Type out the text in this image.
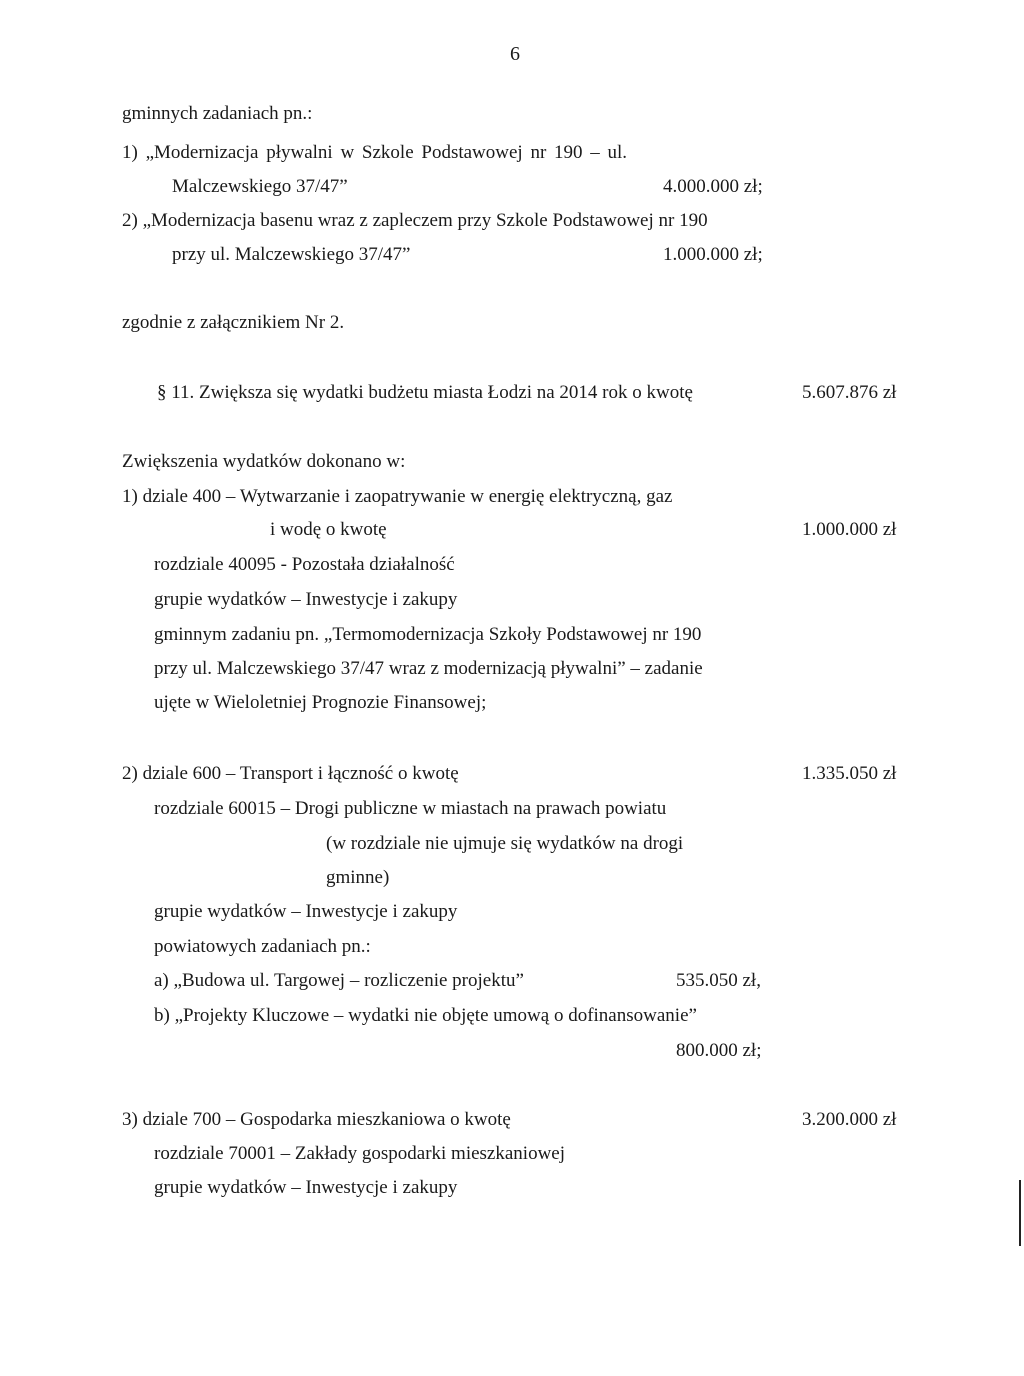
6
gminnych zadaniach pn.:
1) „Modernizacja pływalni w Szkole Podstawowej nr 190 – ul.
Malczewskiego 37/47”	4.000.000 zł;
2) „Modernizacja basenu wraz z zapleczem przy Szkole Podstawowej nr 190
przy ul. Malczewskiego 37/47”	1.000.000 zł;
zgodnie z załącznikiem Nr 2.
§ 11. Zwiększa się wydatki budżetu miasta Łodzi na 2014 rok o kwotę	5.607.876 zł
Zwiększenia wydatków dokonano w:
1) dziale 400 – Wytwarzanie i zaopatrywanie w energię elektryczną, gaz
i wodę o kwotę	1.000.000 zł
rozdziale 40095 - Pozostała działalność
grupie wydatków – Inwestycje i zakupy
gminnym zadaniu pn. „Termomodernizacja Szkoły Podstawowej nr 190
przy ul. Malczewskiego 37/47 wraz z modernizacją pływalni” – zadanie
ujęte w Wieloletniej Prognozie Finansowej;
2) dziale 600 – Transport i łączność o kwotę	1.335.050 zł
rozdziale 60015 – Drogi publiczne w miastach na prawach powiatu
(w rozdziale nie ujmuje się wydatków na drogi
gminne)
grupie wydatków – Inwestycje i zakupy
powiatowych zadaniach pn.:
a) „Budowa ul. Targowej – rozliczenie projektu”	535.050 zł,
b) „Projekty Kluczowe – wydatki nie objęte umową o dofinansowanie”
800.000 zł;
3) dziale 700 – Gospodarka mieszkaniowa o kwotę	3.200.000 zł
rozdziale 70001 – Zakłady gospodarki mieszkaniowej
grupie wydatków – Inwestycje i zakupy
